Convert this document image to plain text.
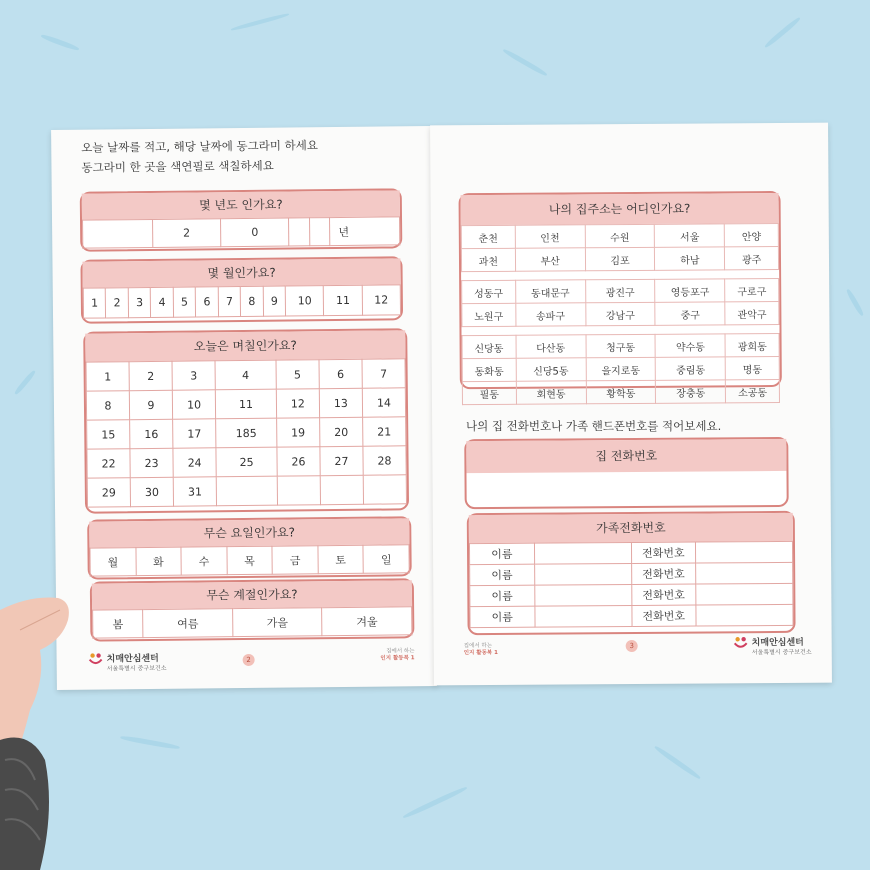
오늘 날짜를 적고, 해당 날짜에 동그라미 하세요
동그라미 한 곳을 색연필로 색칠하세요
몇 년도 인가요?
	2	0			년
몇 월인가요?
1	2	3	4	5	6	7	8	9	10	11	12
오늘은 며칠인가요?
1	2	3	4	5	6	7
8	9	10	11	12	13	14
15	16	17	185	19	20	21
22	23	24	25	26	27	28
29	30	31				
무슨 요일인가요?
월	화	수	목	금	토	일
무슨 계절인가요?
봄	여름	가을	겨울
치매안심센터
서울특별시 중구보건소
2
집에서 하는
인지 활동북 1
나의 집주소는 어디인가요?
춘천	인천	수원	서울	안양
과천	부산	김포	하남	광주

성동구	동대문구	광진구	영등포구	구로구
노원구	송파구	강남구	중구	관악구

신당동	다산동	청구동	약수동	광희동
동화동	신당5동	을지로동	중림동	명동
필동	회현동	황학동	장충동	소공동
집 전화번호
가족전화번호
이름		전화번호	
이름		전화번호	
이름		전화번호	
이름		전화번호	
집에서 하는
인지 활동북 1
3	치매안심센터
서울특별시 중구보건소
나의 집 전화번호나 가족 핸드폰번호를 적어보세요.
